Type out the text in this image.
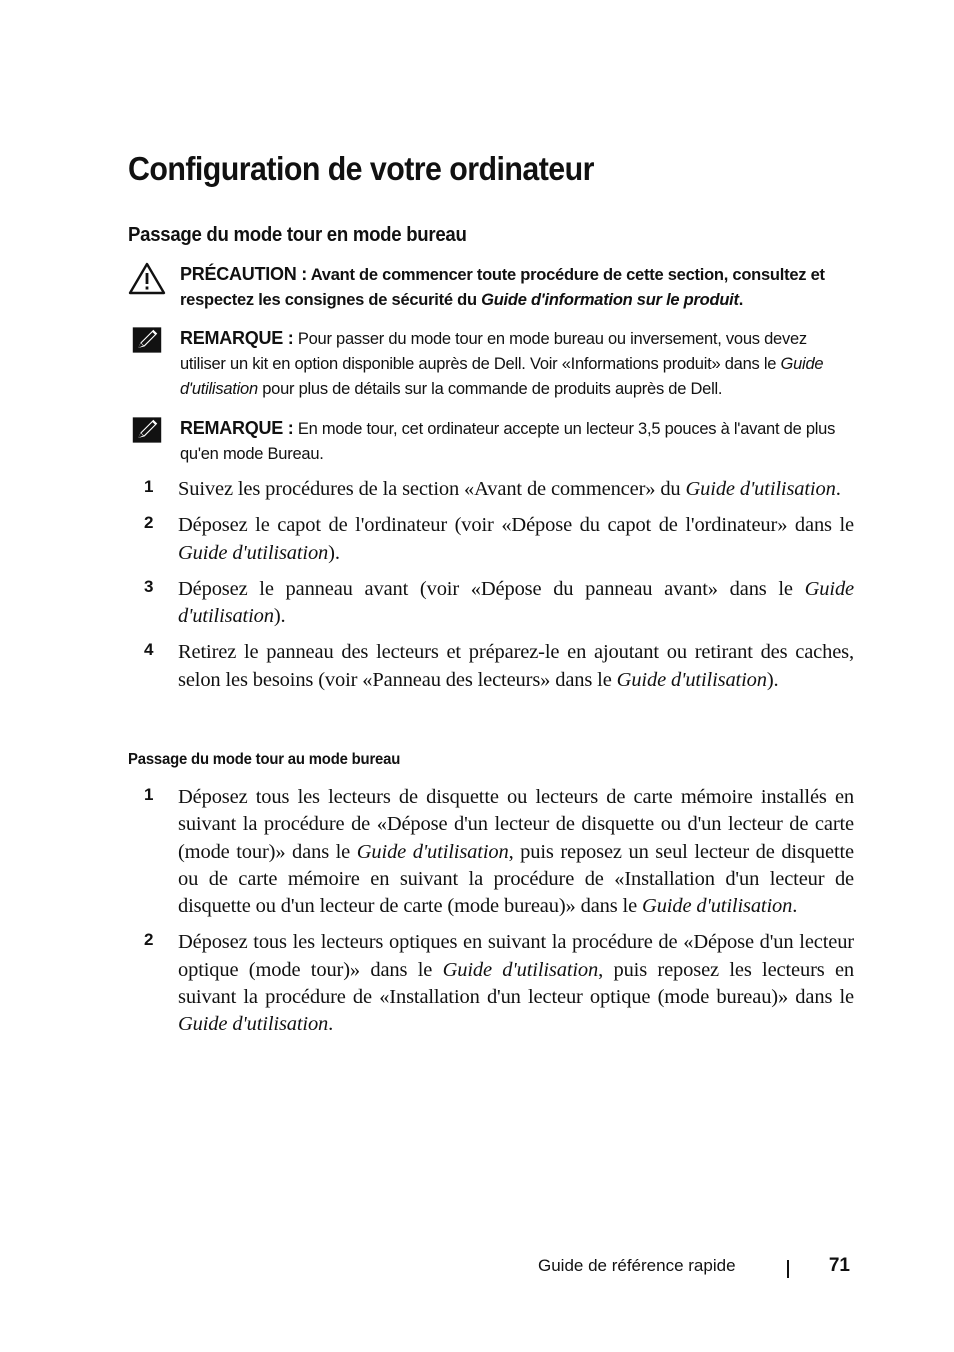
Configuration de votre ordinateur
Passage du mode tour en mode bureau
PRÉCAUTION : Avant de commencer toute procédure de cette section, consultez et respectez les consignes de sécurité du Guide d'information sur le produit.
REMARQUE : Pour passer du mode tour en mode bureau ou inversement, vous devez utiliser un kit en option disponible auprès de Dell. Voir «Informations produit» dans le Guide d'utilisation pour plus de détails sur la commande de produits auprès de Dell.
REMARQUE : En mode tour, cet ordinateur accepte un lecteur 3,5 pouces à l'avant de plus qu'en mode Bureau.
1 Suivez les procédures de la section «Avant de commencer» du Guide d'utilisation.
2 Déposez le capot de l'ordinateur (voir «Dépose du capot de l'ordinateur» dans le Guide d'utilisation).
3 Déposez le panneau avant (voir «Dépose du panneau avant» dans le Guide d'utilisation).
4 Retirez le panneau des lecteurs et préparez-le en ajoutant ou retirant des caches, selon les besoins (voir «Panneau des lecteurs» dans le Guide d'utilisation).
Passage du mode tour au mode bureau
1 Déposez tous les lecteurs de disquette ou lecteurs de carte mémoire installés en suivant la procédure de «Dépose d'un lecteur de disquette ou d'un lecteur de carte (mode tour)» dans le Guide d'utilisation, puis reposez un seul lecteur de disquette ou de carte mémoire en suivant la procédure de «Installation d'un lecteur de disquette ou d'un lecteur de carte (mode bureau)» dans le Guide d'utilisation.
2 Déposez tous les lecteurs optiques en suivant la procédure de «Dépose d'un lecteur optique (mode tour)» dans le Guide d'utilisation, puis reposez les lecteurs en suivant la procédure de «Installation d'un lecteur optique (mode bureau)» dans le Guide d'utilisation.
Guide de référence rapide	71
